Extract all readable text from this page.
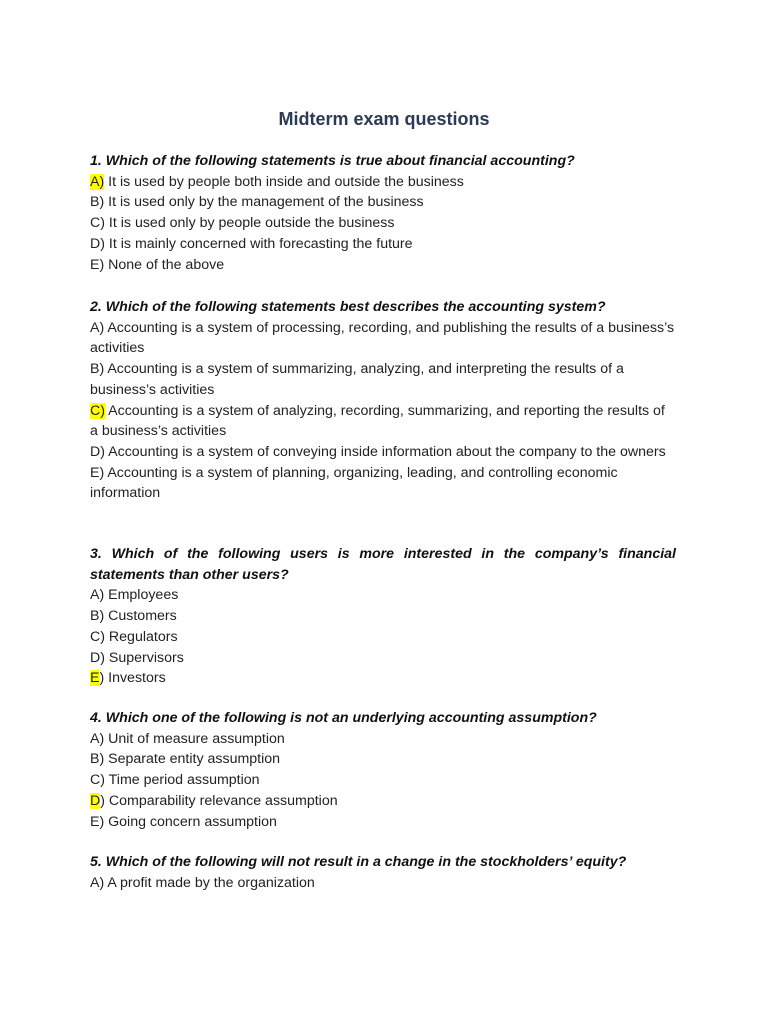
Midterm exam questions
1. Which of the following statements is true about financial accounting?
A) It is used by people both inside and outside the business
B) It is used only by the management of the business
C) It is used only by people outside the business
D) It is mainly concerned with forecasting the future
E) None of the above
2. Which of the following statements best describes the accounting system?
A) Accounting is a system of processing, recording, and publishing the results of a business’s activities
B) Accounting is a system of summarizing, analyzing, and interpreting the results of a business’s activities
C) Accounting is a system of analyzing, recording, summarizing, and reporting the results of a business’s activities
D) Accounting is a system of conveying inside information about the company to the owners
E) Accounting is a system of planning, organizing, leading, and controlling economic information
3. Which of the following users is more interested in the company’s financial statements than other users?
A) Employees
B) Customers
C) Regulators
D) Supervisors
E) Investors
4. Which one of the following is not an underlying accounting assumption?
A) Unit of measure assumption
B) Separate entity assumption
C) Time period assumption
D) Comparability relevance assumption
E) Going concern assumption
5. Which of the following will not result in a change in the stockholders’ equity?
A) A profit made by the organization
